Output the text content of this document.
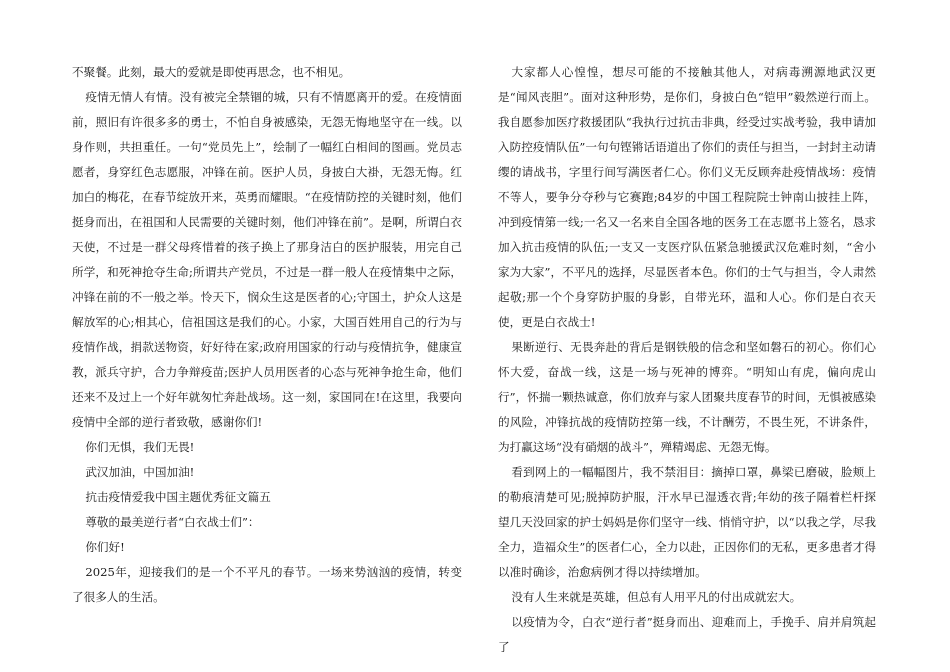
不聚餐。此刻，最大的爱就是即使再思念，也不相见。

疫情无情人有情。没有被完全禁锢的城，只有不情愿离开的爱。在疫情面前，照旧有许很多多的勇士，不怕自身被感染，无怨无悔地坚守在一线。以身作则，共担重任。一句“党员先上”，绘制了一幅红白相间的图画。党员志愿者，身穿红色志愿服，冲锋在前。医护人员，身披白大褂，无怨无悔。红加白的梅花，在春节绽放开来，英勇而耀眼。“在疫情防控的关键时刻，他们挺身而出，在祖国和人民需要的关键时刻，他们冲锋在前”。是啊，所谓白衣天使，不过是一群父母疼惜着的孩子换上了那身洁白的医护服装，用完自己所学，和死神抢夺生命;所谓共产党员，不过是一群一般人在疫情集中之际，冲锋在前的不一般之举。怜天下，悯众生这是医者的心;守国土，护众人这是解放军的心;相其心，信祖国这是我们的心。小家，大国百姓用自己的行为与疫情作战，捐款送物资，好好待在家;政府用国家的行动与疫情抗争，健康宣教，派兵守护，合力争辩疫苗;医护人员用医者的心态与死神争抢生命，他们还来不及过上一个好年就匆忙奔赴战场。这一刻，家国同在!在这里，我要向疫情中全部的逆行者致敬，感谢你们!

你们无惧，我们无畏!

武汉加油，中国加油!

抗击疫情爱我中国主题优秀征文篇五

尊敬的最美逆行者“白衣战士们”：

你们好!

2025年，迎接我们的是一个不平凡的春节。一场来势汹汹的疫情，转变了很多人的生活。

大家都人心惶惶，想尽可能的不接触其他人，对病毒溯源地武汉更是“闻风丧胆”。面对这种形势，是你们，身披白色“铠甲”毅然逆行而上。我自愿参加医疗救援团队“我执行过抗击非典，经受过实战考验，我申请加入防控疫情队伍”一句句铿锵话语道出了你们的责任与担当，一封封主动请缨的请战书，字里行间写满医者仁心。你们义无反顾奔赴疫情战场：疫情不等人，要争分夺秒与它赛跑;84岁的中国工程院院士钟南山披挂上阵，冲到疫情第一线;一名又一名来自全国各地的医务工在志愿书上签名，恳求加入抗击疫情的队伍;一支又一支医疗队伍紧急驰援武汉危难时刻，“舍小家为大家”，不平凡的选择，尽显医者本色。你们的士气与担当，令人肃然起敬;那一个个身穿防护服的身影，自带光环，温和人心。你们是白衣天使，更是白衣战士!

果断逆行、无畏奔赴的背后是钢铁般的信念和坚如磐石的初心。你们心怀大爱，奋战一线，这是一场与死神的博弈。“明知山有虎，偏向虎山行”，怀揣一颗热诚意，你们放弃与家人团聚共度春节的时间，无惧被感染的风险，冲锋抗战的疫情防控第一线，不计酬劳，不畏生死，不讲条件，为打赢这场“没有硝烟的战斗”，殚精竭虑、无怨无悔。

看到网上的一幅幅图片，我不禁泪目：摘掉口罩，鼻梁已磨破，脸颊上的勒痕清楚可见;脱掉防护服，汗水早已湿透衣背;年幼的孩子隔着栏杆探望几天没回家的护士妈妈是你们坚守一线、悄悄守护，以“以我之学，尽我全力，造福众生”的医者仁心，全力以赴，正因你们的无私，更多患者才得以准时确诊，治愈病例才得以持续增加。

没有人生来就是英雄，但总有人用平凡的付出成就宏大。

以疫情为令，白衣“逆行者”挺身而出、迎难而上，手挽手、肩并肩筑起了
